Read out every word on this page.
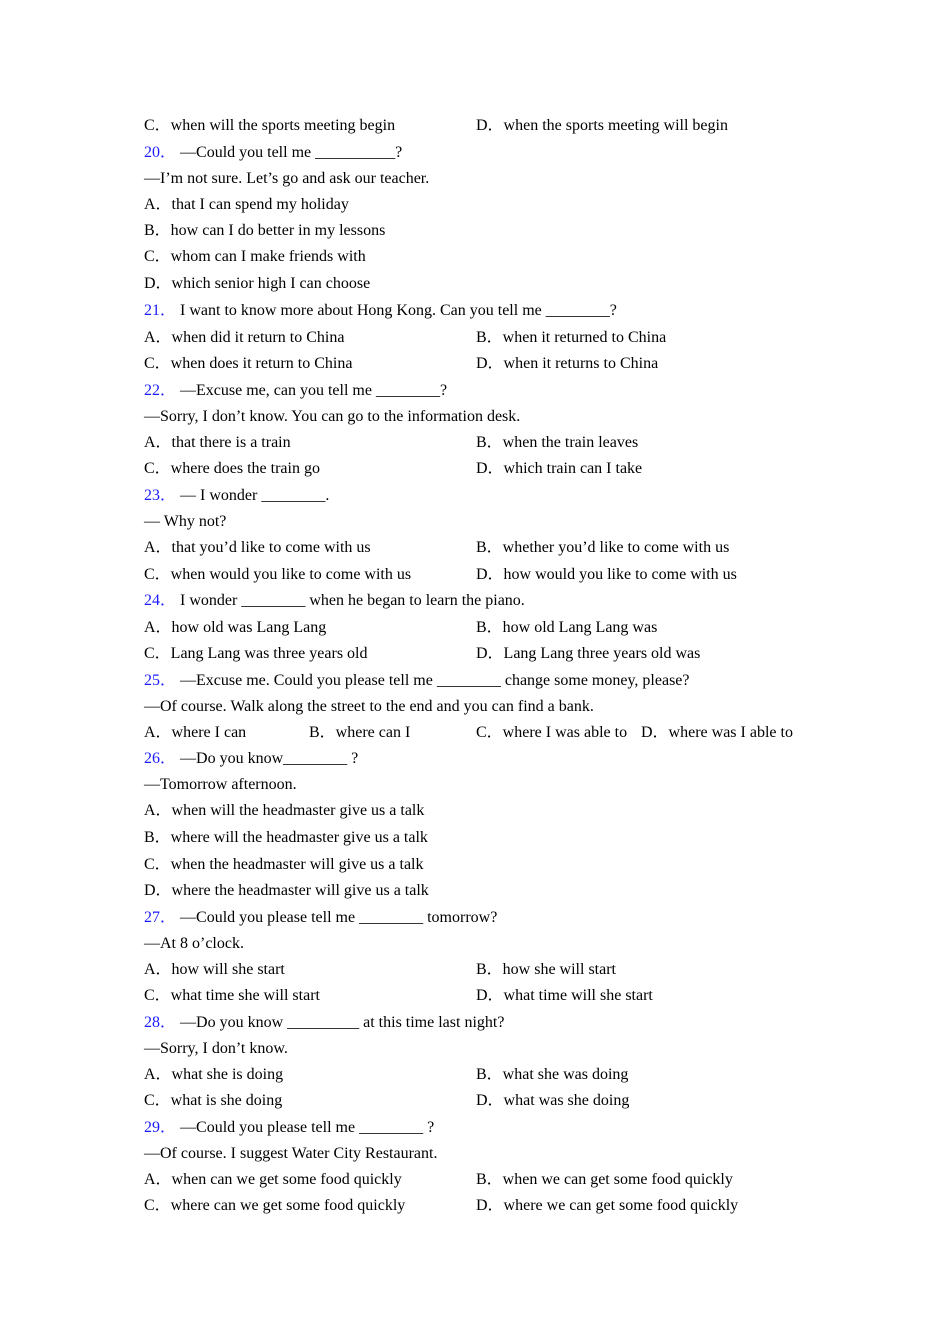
C．when will the sports meeting begin	D．when the sports meeting will begin
20． —Could you tell me __________?
—I’m not sure. Let’s go and ask our teacher.
A．that I can spend my holiday
B．how can I do better in my lessons
C．whom can I make friends with
D．which senior high I can choose
21． I want to know more about Hong Kong. Can you tell me ________?
A．when did it return to China	B．when it returned to China
C．when does it return to China	D．when it returns to China
22． —Excuse me, can you tell me ________?
—Sorry, I don’t know. You can go to the information desk.
A．that there is a train	B．when the train leaves
C．where does the train go	D．which train can I take
23． — I wonder ________.
— Why not?
A．that you’d like to come with us	B．whether you’d like to come with us
C．when would you like to come with us	D．how would you like to come with us
24． I wonder ________ when he began to learn the piano.
A．how old was Lang Lang	B．how old Lang Lang was
C．Lang Lang was three years old	D．Lang Lang three years old was
25． —Excuse me. Could you please tell me ________ change some money, please?
—Of course. Walk along the street to the end and you can find a bank.
A．where I can	B．where can I	C．where I was able to D．where was I able to
26． —Do you know________ ?
—Tomorrow afternoon.
A．when will the headmaster give us a talk
B．where will the headmaster give us a talk
C．when the headmaster will give us a talk
D．where the headmaster will give us a talk
27． —Could you please tell me ________ tomorrow?
—At 8 o’clock.
A．how will she start	B．how she will start
C．what time she will start	D．what time will she start
28． —Do you know _________ at this time last night?
—Sorry, I don’t know.
A．what she is doing	B．what she was doing
C．what is she doing	D．what was she doing
29． —Could you please tell me ________ ?
—Of course. I suggest Water City Restaurant.
A．when can we get some food quickly	B．when we can get some food quickly
C．where can we get some food quickly	D．where we can get some food quickly
